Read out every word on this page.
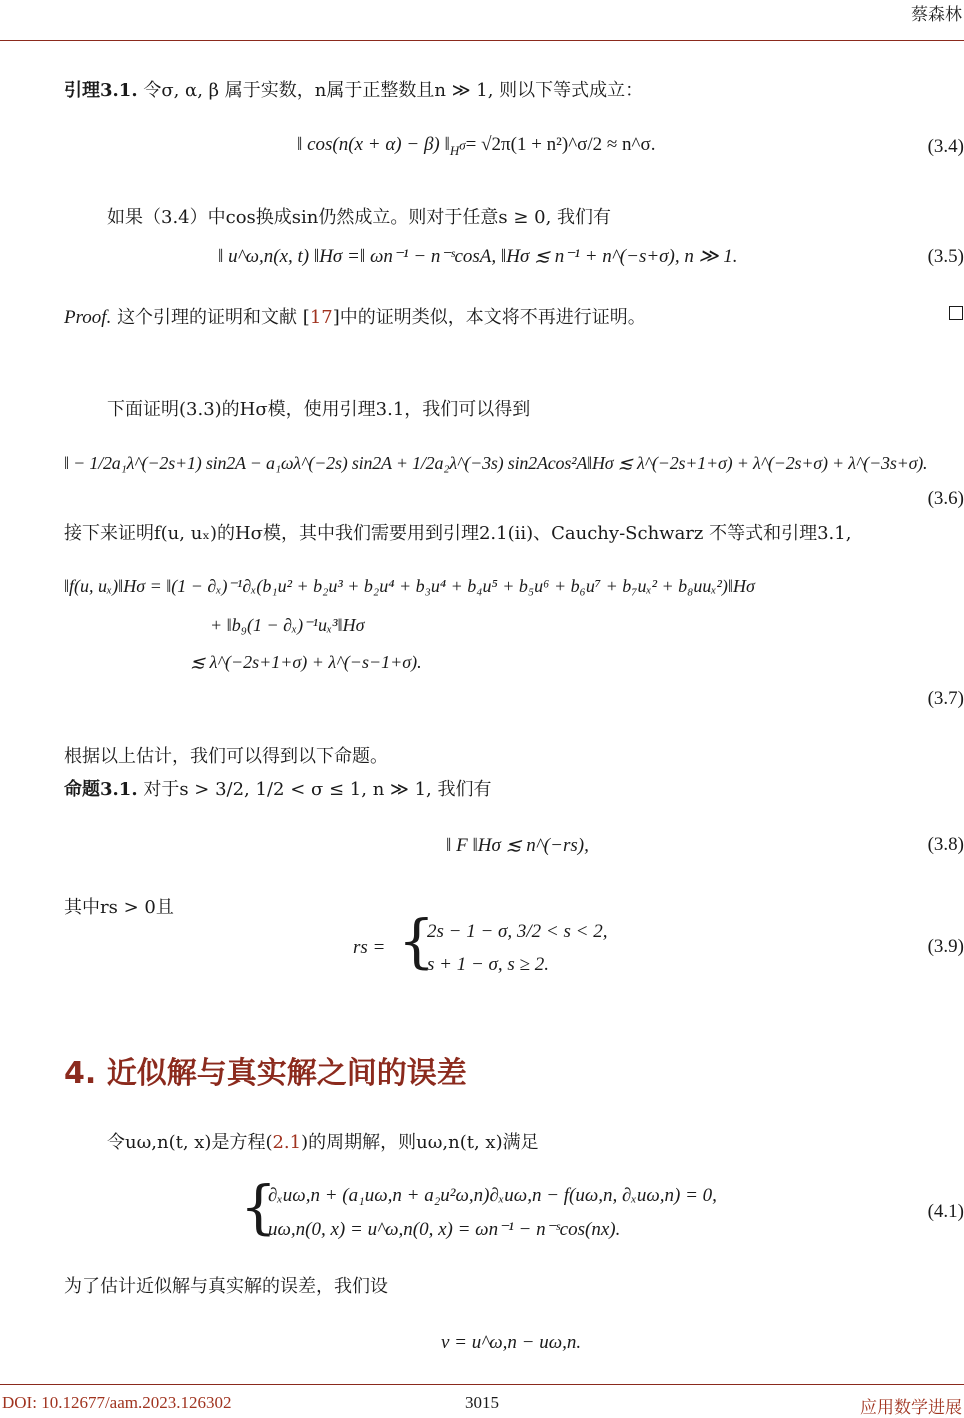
蔡森林
引理3.1. 令σ, α, β 属于实数，n属于正整数且n ≫ 1, 则以下等式成立：
‖ cos(n(x + α) − β) $‖_{H^\sigma}= √2\pi(1$ + n²)^σ/2 ≈ n^σ.	(3.4)
如果（3.4）中cos换成sin仍然成立。则对于任意s ≥ 0, 我们有
‖ u^ω,n(x, t) ‖Hσ =‖ ωn⁻¹ − n⁻ˢcosA, ‖Hσ ≲ n⁻¹ + n^(−s+σ), n ≫ 1.	(3.5)
Proof. 这个引理的证明和文献 [17]中的证明类似，本文将不再进行证明。
下面证明(3.3)的Hσ模，使用引理3.1，我们可以得到
‖ − 1/2a₁λ^(−2s+1) sin2A − a₁ωλ^(−2s) sin2A + 1/2a₂λ^(−3s) sin2Acos²A‖Hσ ≲ λ^(−2s+1+σ) + λ^(−2s+σ) + λ^(−3s+σ).
(3.6)
接下来证明f(u, uₓ)的Hσ模，其中我们需要用到引理2.1(ii)、Cauchy-Schwarz 不等式和引理3.1,
‖f(u, uₓ)‖Hσ = ‖(1 − ∂ₓ)⁻¹∂ₓ(b₁u² + b₂u³ + b₂u⁴ + b₃u⁴ + b₄u⁵ + b₅u⁶ + b₆u⁷ + b₇uₓ² + b₈uuₓ²)‖Hσ
+ ‖b₉(1 − ∂ₓ)⁻¹uₓ³‖Hσ
≲ λ^(−2s+1+σ) + λ^(−s−1+σ).
(3.7)
根据以上估计，我们可以得到以下命题。
命题3.1. 对于s > 3/2, 1/2 < σ ≤ 1, n ≫ 1, 我们有
‖ F ‖Hσ ≲ n^(−rs),	(3.8)
其中rs > 0且
rs = {
2s − 1 − σ, 3/2 < s < 2,
s + 1 − σ, s ≥ 2.
(3.9)
4. 近似解与真实解之间的误差
令uω,n(t, x)是方程(2.1)的周期解，则uω,n(t, x)满足
{
∂ₓuω,n + (a₁uω,n + a₂u²ω,n)∂ₓuω,n − f(uω,n, ∂ₓuω,n) = 0,
uω,n(0, x) = u^ω,n(0, x) = ωn⁻¹ − n⁻ˢcos(nx).
(4.1)
为了估计近似解与真实解的误差，我们设
v = u^ω,n − uω,n.
DOI: 10.12677/aam.2023.126302	3015	应用数学进展
